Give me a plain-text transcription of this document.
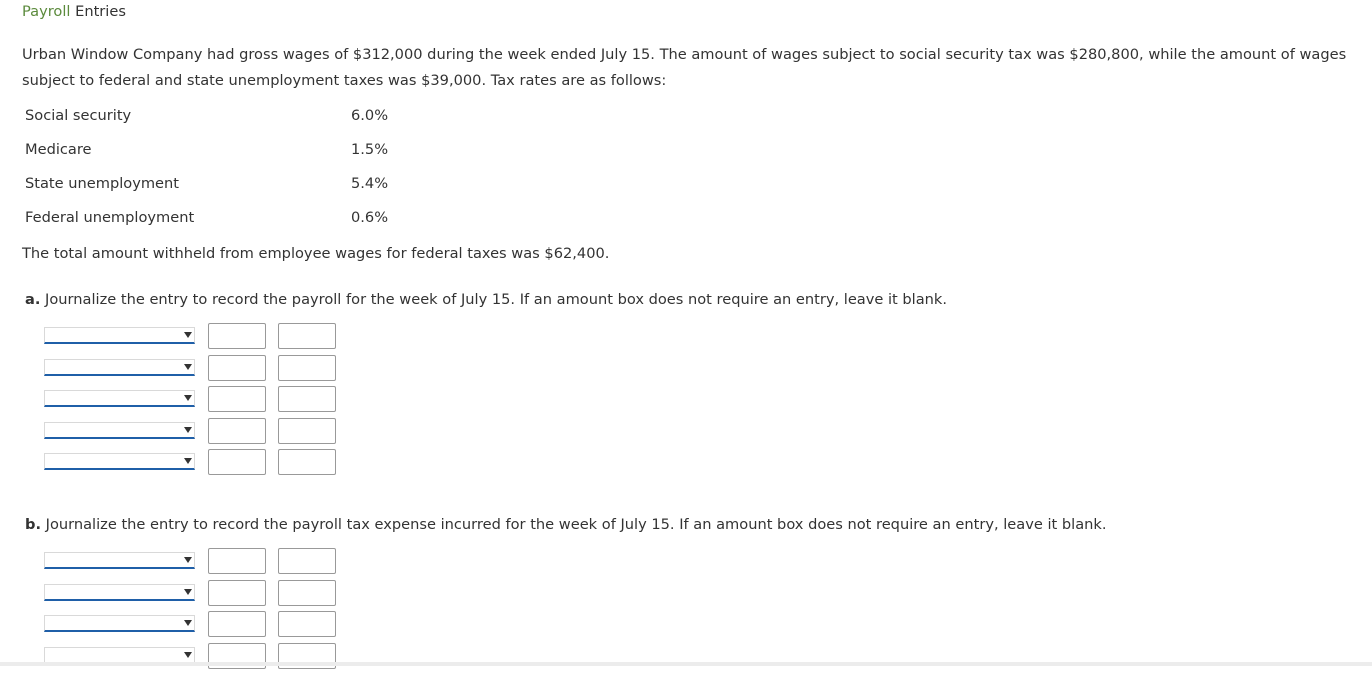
Payroll Entries

Urban Window Company had gross wages of $312,000 during the week ended July 15. The amount of wages subject to social security tax was $280,800, while the amount of wages subject to federal and state unemployment taxes was $39,000. Tax rates are as follows:

Social security	6.0%
Medicare	1.5%
State unemployment	5.4%
Federal unemployment	0.6%
The total amount withheld from employee wages for federal taxes was $62,400.
a. Journalize the entry to record the payroll for the week of July 15. If an amount box does not require an entry, leave it blank.
b. Journalize the entry to record the payroll tax expense incurred for the week of July 15. If an amount box does not require an entry, leave it blank.
